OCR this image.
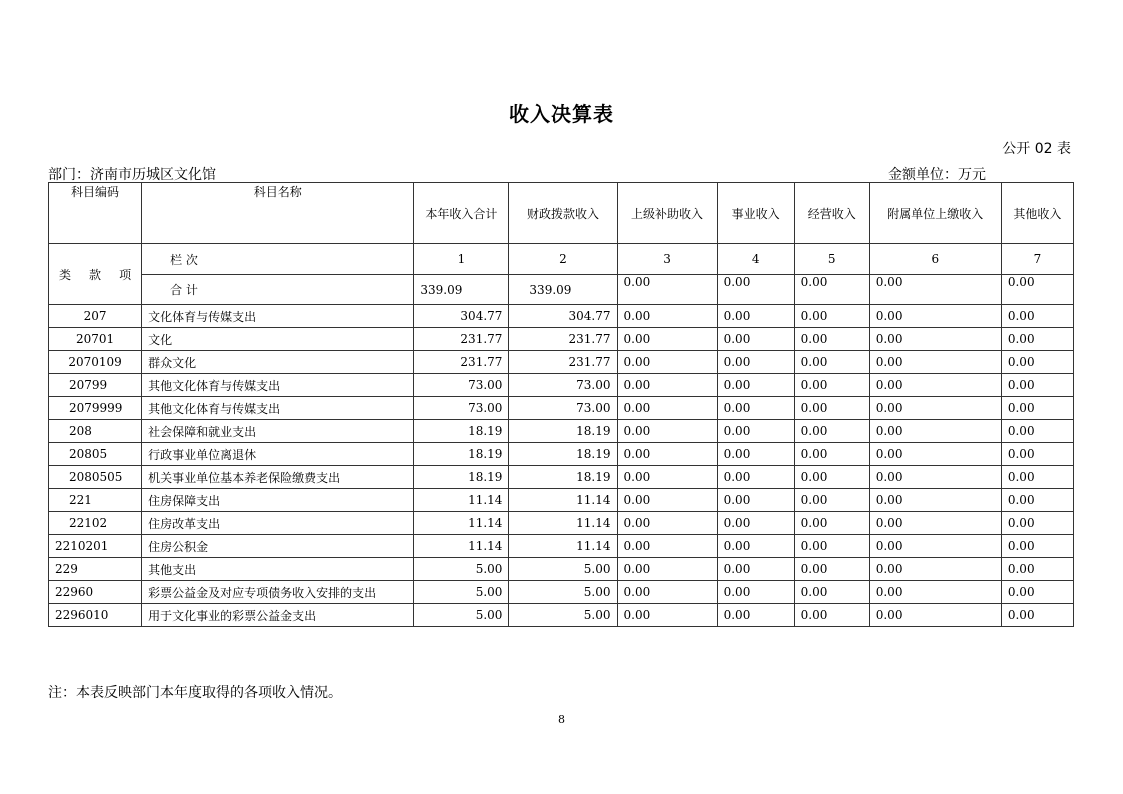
收入决算表
公开 02 表
部门：济南市历城区文化馆	金额单位：万元
科目编码	科目名称	本年收入合计	财政拨款收入	上级补助收入	事业收入	经营收入	附属单位上缴收入	其他收入

类 款 项	栏 次	1	2	3	4	5	6	7
	合 计	339.09	339.09	0.00	0.00	0.00	0.00	0.00
207	文化体育与传媒支出	304.77	304.77	0.00	0.00	0.00	0.00	0.00
20701	文化	231.77	231.77	0.00	0.00	0.00	0.00	0.00
2070109	群众文化	231.77	231.77	0.00	0.00	0.00	0.00	0.00
20799	其他文化体育与传媒支出	73.00	73.00	0.00	0.00	0.00	0.00	0.00
2079999	其他文化体育与传媒支出	73.00	73.00	0.00	0.00	0.00	0.00	0.00
208	社会保障和就业支出	18.19	18.19	0.00	0.00	0.00	0.00	0.00
20805	行政事业单位离退休	18.19	18.19	0.00	0.00	0.00	0.00	0.00
2080505	机关事业单位基本养老保险缴费支出	18.19	18.19	0.00	0.00	0.00	0.00	0.00
221	住房保障支出	11.14	11.14	0.00	0.00	0.00	0.00	0.00
22102	住房改革支出	11.14	11.14	0.00	0.00	0.00	0.00	0.00
2210201	住房公积金	11.14	11.14	0.00	0.00	0.00	0.00	0.00
229	其他支出	5.00	5.00	0.00	0.00	0.00	0.00	0.00
22960	彩票公益金及对应专项债务收入安排的支出	5.00	5.00	0.00	0.00	0.00	0.00	0.00
2296010	用于文化事业的彩票公益金支出	5.00	5.00	0.00	0.00	0.00	0.00	0.00
注：本表反映部门本年度取得的各项收入情况。
8
